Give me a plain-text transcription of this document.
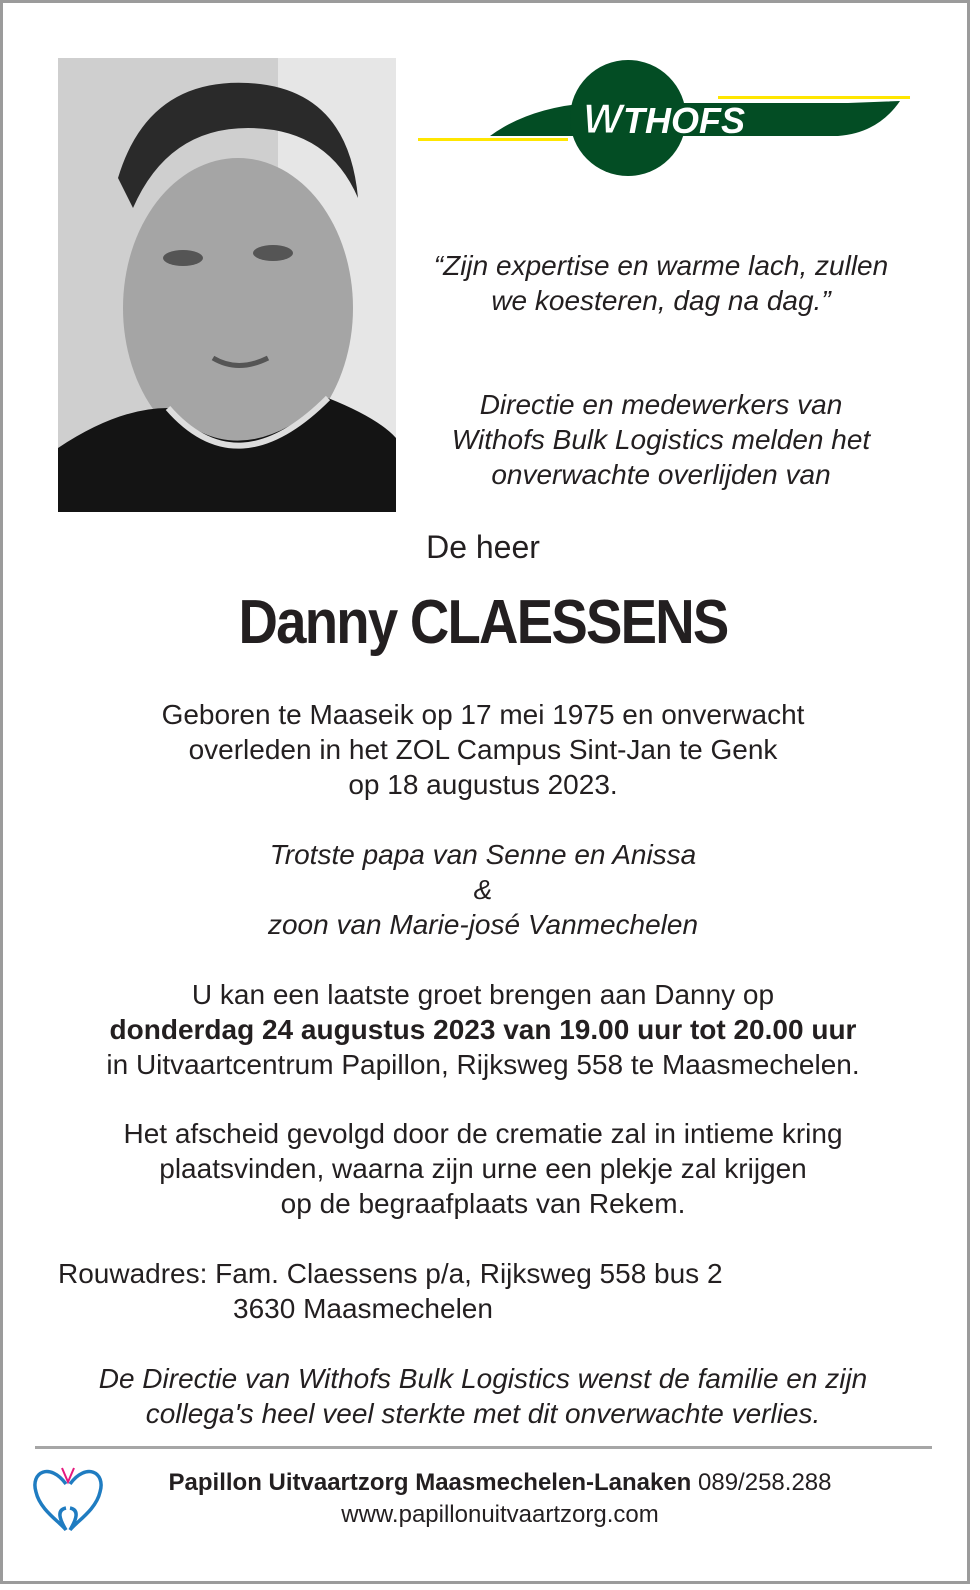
W THOFS
“Zijn expertise en warme lach, zullen
we koesteren, dag na dag.”
Directie en medewerkers van
Withofs Bulk Logistics melden het
onverwachte overlijden van
De heer
Danny CLAESSENS
Geboren te Maaseik op 17 mei 1975 en onverwacht
overleden in het ZOL Campus Sint-Jan te Genk
op 18 augustus 2023.
Trotste papa van Senne en Anissa
&
zoon van Marie-josé Vanmechelen
U kan een laatste groet brengen aan Danny op
donderdag 24 augustus 2023 van 19.00 uur tot 20.00 uur
in Uitvaartcentrum Papillon, Rijksweg 558 te Maasmechelen.
Het afscheid gevolgd door de crematie zal in intieme kring
plaatsvinden, waarna zijn urne een plekje zal krijgen
op de begraafplaats van Rekem.
Rouwadres: Fam. Claessens p/a, Rijksweg 558 bus 2
3630 Maasmechelen
De Directie van Withofs Bulk Logistics wenst de familie en zijn
collega's heel veel sterkte met dit onverwachte verlies.
Papillon Uitvaartzorg Maasmechelen-Lanaken 089/258.288
www.papillonuitvaartzorg.com
